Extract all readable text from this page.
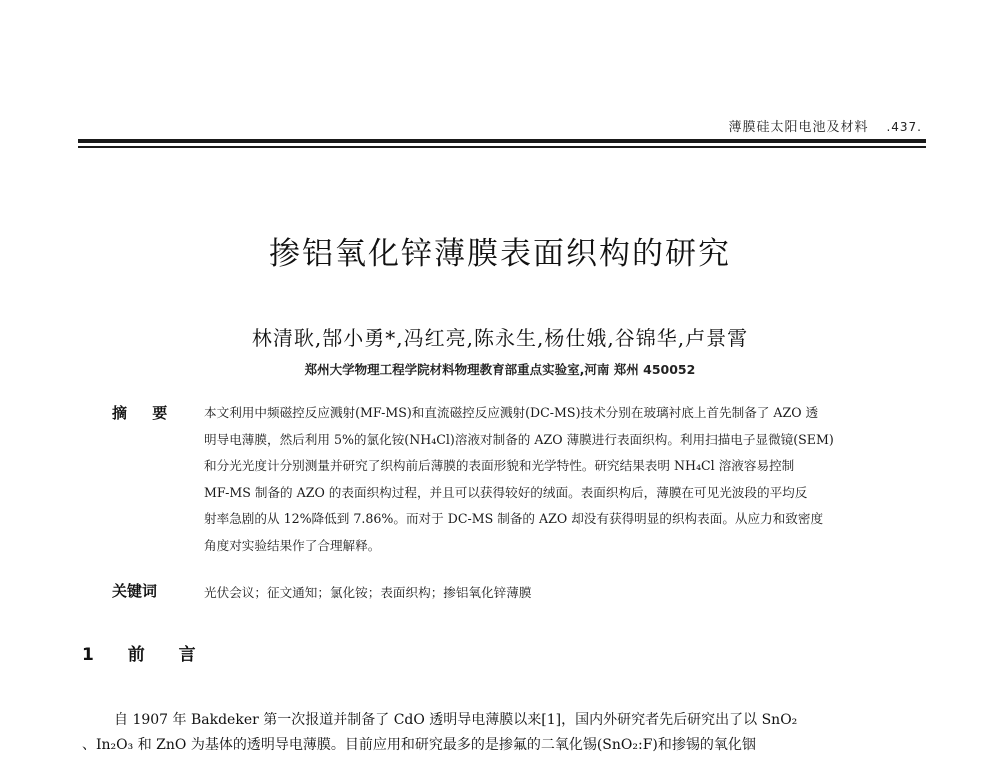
薄膜硅太阳电池及材料 .437.
掺铝氧化锌薄膜表面织构的研究
林清耿,郜小勇*,冯红亮,陈永生,杨仕娥,谷锦华,卢景霄
郑州大学物理工程学院材料物理教育部重点实验室,河南 郑州 450052
摘 要 本文利用中频磁控反应溅射(MF-MS)和直流磁控反应溅射(DC-MS)技术分别在玻璃衬底上首先制备了 AZO 透
明导电薄膜，然后利用 5%的氯化铵(NH₄Cl)溶液对制备的 AZO 薄膜进行表面织构。利用扫描电子显微镜(SEM)
和分光光度计分别测量并研究了织构前后薄膜的表面形貌和光学特性。研究结果表明 NH₄Cl 溶液容易控制
MF-MS 制备的 AZO 的表面织构过程，并且可以获得较好的绒面。表面织构后，薄膜在可见光波段的平均反
射率急剧的从 12%降低到 7.86%。而对于 DC-MS 制备的 AZO 却没有获得明显的织构表面。从应力和致密度
角度对实验结果作了合理解释。
关键词	光伏会议；征文通知；氯化铵；表面织构；掺铝氧化锌薄膜
1 前 言
自 1907 年 Bakdeker 第一次报道并制备了 CdO 透明导电薄膜以来[1]，国内外研究者先后研究出了以 SnO₂
、In₂O₃ 和 ZnO 为基体的透明导电薄膜。目前应用和研究最多的是掺氟的二氧化锡(SnO₂:F)和掺锡的氧化铟
